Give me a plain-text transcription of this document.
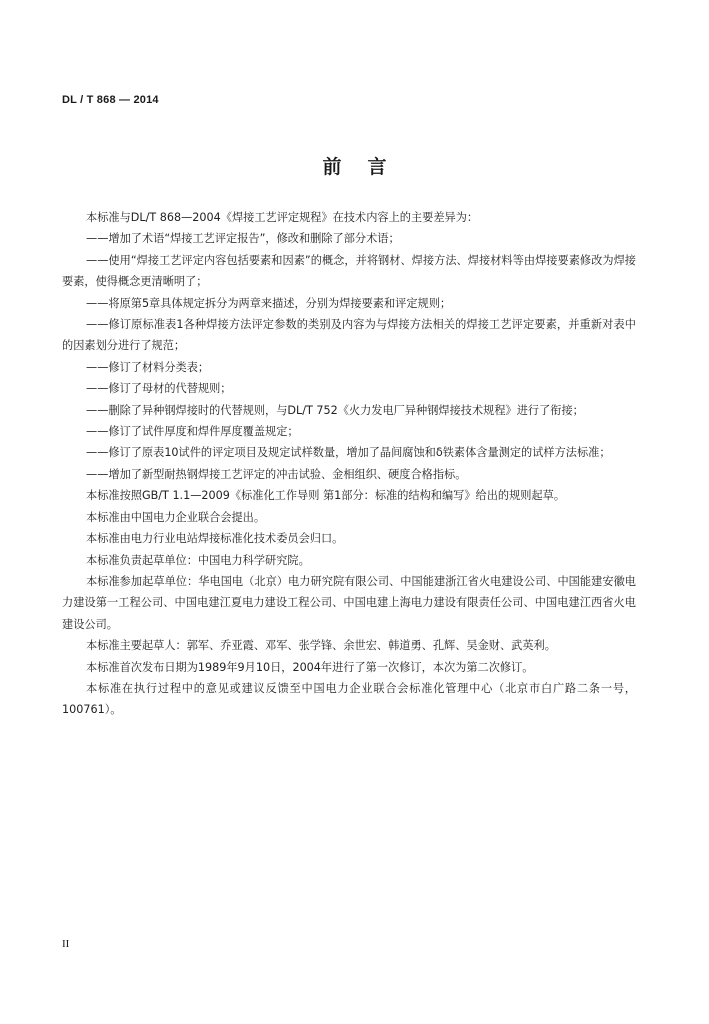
DL / T 868 — 2014
前言

本标准与DL/T 868—2004《焊接工艺评定规程》在技术内容上的主要差异为：

——增加了术语“焊接工艺评定报告”，修改和删除了部分术语；

——使用“焊接工艺评定内容包括要素和因素”的概念，并将钢材、焊接方法、焊接材料等由焊接要素修改为焊接要素，使得概念更清晰明了；

——将原第5章具体规定拆分为两章来描述，分别为焊接要素和评定规则；

——修订原标准表1各种焊接方法评定参数的类别及内容为与焊接方法相关的焊接工艺评定要素，并重新对表中的因素划分进行了规范；

——修订了材料分类表；

——修订了母材的代替规则；

——删除了异种钢焊接时的代替规则，与DL/T 752《火力发电厂异种钢焊接技术规程》进行了衔接；

——修订了试件厚度和焊件厚度覆盖规定；

——修订了原表10试件的评定项目及规定试样数量，增加了晶间腐蚀和δ铁素体含量测定的试样方法标准；

——增加了新型耐热钢焊接工艺评定的冲击试验、金相组织、硬度合格指标。

本标准按照GB/T 1.1—2009《标准化工作导则 第1部分：标准的结构和编写》给出的规则起草。

本标准由中国电力企业联合会提出。

本标准由电力行业电站焊接标准化技术委员会归口。

本标准负责起草单位：中国电力科学研究院。

本标准参加起草单位：华电国电（北京）电力研究院有限公司、中国能建浙江省火电建设公司、中国能建安徽电力建设第一工程公司、中国电建江夏电力建设工程公司、中国电建上海电力建设有限责任公司、中国电建江西省火电建设公司。

本标准主要起草人：郭军、乔亚霞、邓军、张学锋、余世宏、韩道勇、孔辉、吴金财、武英利。

本标准首次发布日期为1989年9月10日，2004年进行了第一次修订，本次为第二次修订。

本标准在执行过程中的意见或建议反馈至中国电力企业联合会标准化管理中心（北京市白广路二条一号，100761）。

II
